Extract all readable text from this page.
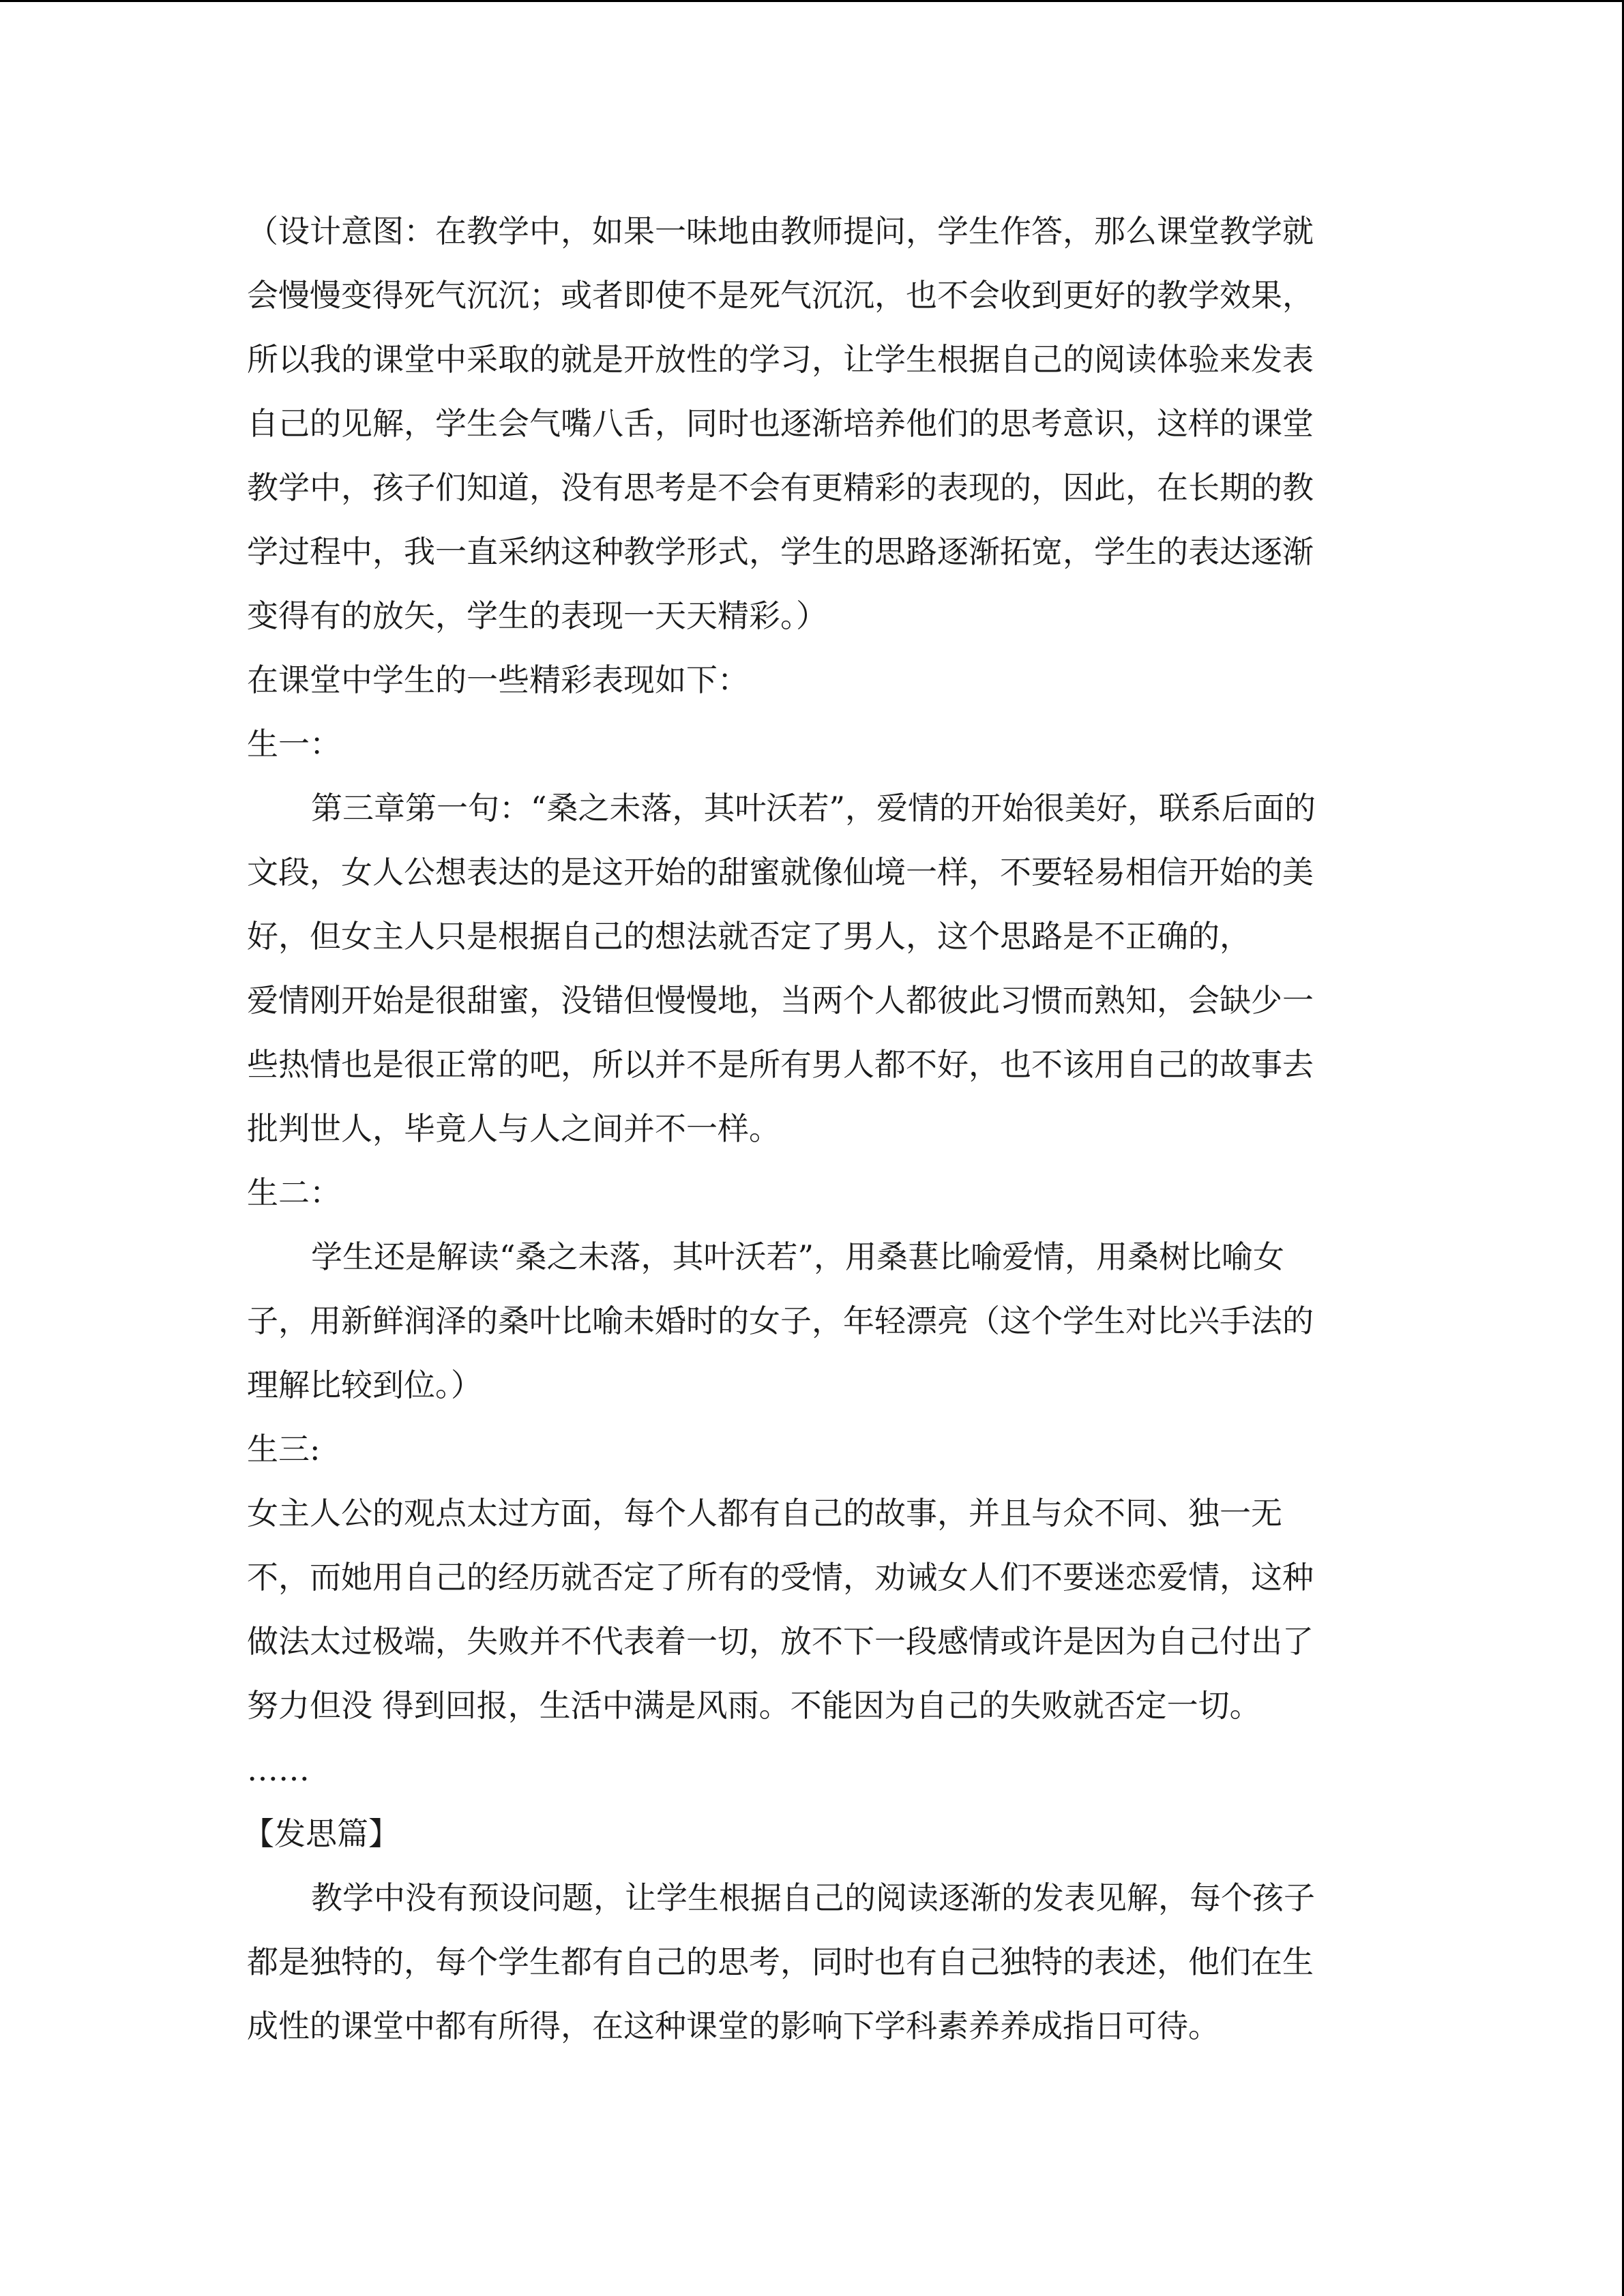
（设计意图：在教学中，如果一味地由教师提问，学生作答，那么课堂教学就
会慢慢变得死气沉沉；或者即使不是死气沉沉，也不会收到更好的教学效果，
所以我的课堂中采取的就是开放性的学习，让学生根据自己的阅读体验来发表
自己的见解，学生会气嘴八舌，同时也逐渐培养他们的思考意识，这样的课堂
教学中，孩子们知道，没有思考是不会有更精彩的表现的，因此，在长期的教
学过程中，我一直采纳这种教学形式，学生的思路逐渐拓宽，学生的表达逐渐
变得有的放矢，学生的表现一天天精彩。）
在课堂中学生的一些精彩表现如下：
生一：
第三章第一句：“桑之未落，其叶沃若”，爱情的开始很美好，联系后面的
文段，女人公想表达的是这开始的甜蜜就像仙境一样，不要轻易相信开始的美
好，但女主人只是根据自己的想法就否定了男人，这个思路是不正确的，
爱情刚开始是很甜蜜，没错但慢慢地，当两个人都彼此习惯而熟知，会缺少一
些热情也是很正常的吧，所以并不是所有男人都不好，也不该用自己的故事去
批判世人，毕竟人与人之间并不一样。
生二：
学生还是解读“桑之未落，其叶沃若”，用桑葚比喻爱情，用桑树比喻女
子，用新鲜润泽的桑叶比喻未婚时的女子，年轻漂亮（这个学生对比兴手法的
理解比较到位。）
生三:
女主人公的观点太过方面，每个人都有自己的故事，并且与众不同、独一无
不，而她用自己的经历就否定了所有的受情，劝诫女人们不要迷恋爱情，这种
做法太过极端，失败并不代表着一切，放不下一段感情或许是因为自己付出了
努力但没 得到回报，生活中满是风雨。不能因为自己的失败就否定一切。
……
【发思篇】
教学中没有预设问题，让学生根据自己的阅读逐渐的发表见解，每个孩子
都是独特的，每个学生都有自己的思考，同时也有自己独特的表述，他们在生
成性的课堂中都有所得，在这种课堂的影响下学科素养养成指日可待。
